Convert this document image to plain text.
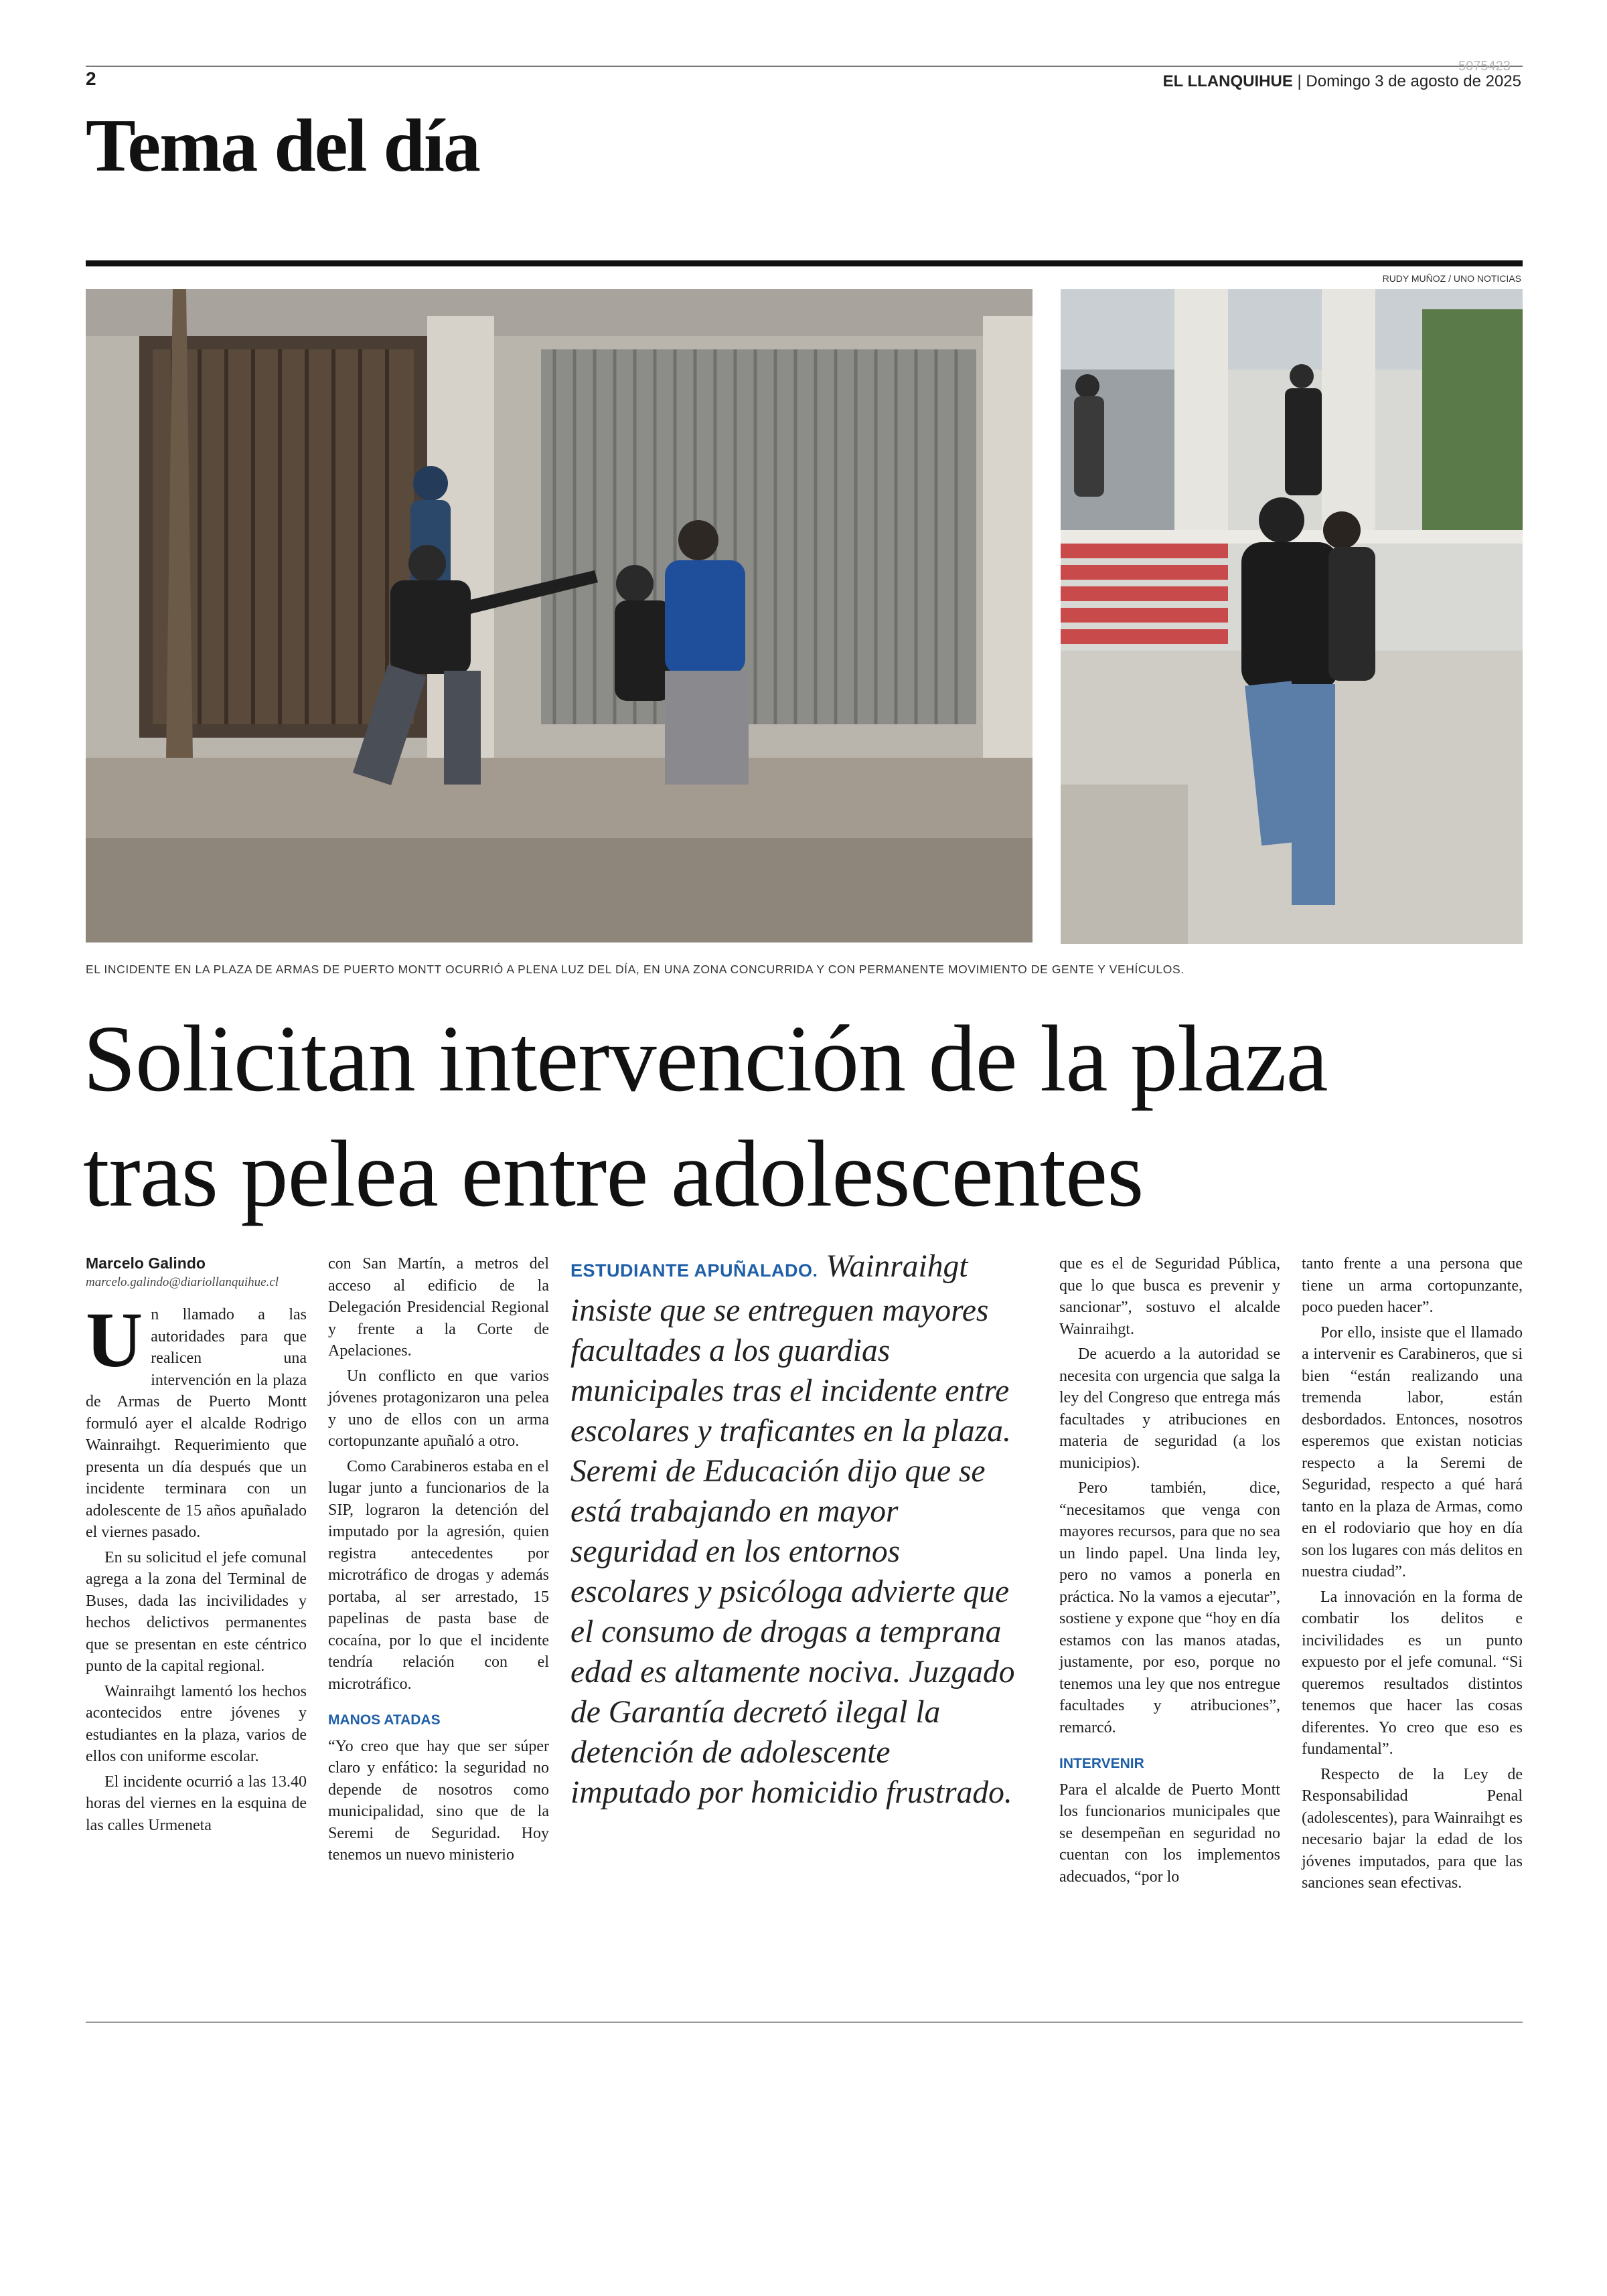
2
5075423
EL LLANQUIHUE | Domingo 3 de agosto de 2025
Tema del día
RUDY MUÑOZ / UNO NOTICIAS
EL INCIDENTE EN LA PLAZA DE ARMAS DE PUERTO MONTT OCURRIÓ A PLENA LUZ DEL DÍA, EN UNA ZONA CONCURRIDA Y CON PERMANENTE MOVIMIENTO DE GENTE Y VEHÍCULOS.
Solicitan intervención de la plaza
tras pelea entre adolescentes
Marcelo Galindo
marcelo.galindo@diariollanquihue.cl

Un llamado a las autoridades para que realicen una intervención en la plaza de Armas de Puerto Montt formuló ayer el alcalde Rodrigo Wainraihgt. Requerimiento que presenta un día después que un incidente terminara con un adolescente de 15 años apuñalado el viernes pasado.

En su solicitud el jefe comunal agrega a la zona del Terminal de Buses, dada las incivilidades y hechos delictivos permanentes que se presentan en este céntrico punto de la capital regional.

Wainraihgt lamentó los hechos acontecidos entre jóvenes y estudiantes en la plaza, varios de ellos con uniforme escolar.

El incidente ocurrió a las 13.40 horas del viernes en la esquina de las calles Urmeneta

con San Martín, a metros del acceso al edificio de la Delegación Presidencial Regional y frente a la Corte de Apelaciones.

Un conflicto en que varios jóvenes protagonizaron una pelea y uno de ellos con un arma cortopunzante apuñaló a otro.

Como Carabineros estaba en el lugar junto a funcionarios de la SIP, lograron la detención del imputado por la agresión, quien registra antecedentes por microtráfico de drogas y además portaba, al ser arrestado, 15 papelinas de pasta base de cocaína, por lo que el incidente tendría relación con el microtráfico.

MANOS ATADAS

“Yo creo que hay que ser súper claro y enfático: la seguridad no depende de nosotros como municipalidad, sino que de la Seremi de Seguridad. Hoy tenemos un nuevo ministerio

ESTUDIANTE APUÑALADO. Wainraihgt insiste que se entreguen mayores facultades a los guardias municipales tras el incidente entre escolares y traficantes en la plaza. Seremi de Educación dijo que se está trabajando en mayor seguridad en los entornos escolares y psicóloga advierte que el consumo de drogas a temprana edad es altamente nociva. Juzgado de Garantía decretó ilegal la detención de adolescente imputado por homicidio frustrado.

que es el de Seguridad Pública, que lo que busca es prevenir y sancionar”, sostuvo el alcalde Wainraihgt.

De acuerdo a la autoridad se necesita con urgencia que salga la ley del Congreso que entrega más facultades y atribuciones en materia de seguridad (a los municipios).

Pero también, dice, “necesitamos que venga con mayores recursos, para que no sea un lindo papel. Una linda ley, pero no vamos a ponerla en práctica. No la vamos a ejecutar”, sostiene y expone que “hoy en día estamos con las manos atadas, justamente, por eso, porque no tenemos una ley que nos entregue facultades y atribuciones”, remarcó.

INTERVENIR

Para el alcalde de Puerto Montt los funcionarios municipales que se desempeñan en seguridad no cuentan con los implementos adecuados, “por lo

tanto frente a una persona que tiene un arma cortopunzante, poco pueden hacer”.

Por ello, insiste que el llamado a intervenir es Carabineros, que si bien “están realizando una tremenda labor, están desbordados. Entonces, nosotros esperemos que existan noticias respecto a la Seremi de Seguridad, respecto a qué hará tanto en la plaza de Armas, como en el rodoviario que hoy en día son los lugares con más delitos en nuestra ciudad”.

La innovación en la forma de combatir los delitos e incivilidades es un punto expuesto por el jefe comunal. “Si queremos resultados distintos tenemos que hacer las cosas diferentes. Yo creo que eso es fundamental”.

Respecto de la Ley de Responsabilidad Penal (adolescentes), para Wainraihgt es necesario bajar la edad de los jóvenes imputados, para que las sanciones sean efectivas.
